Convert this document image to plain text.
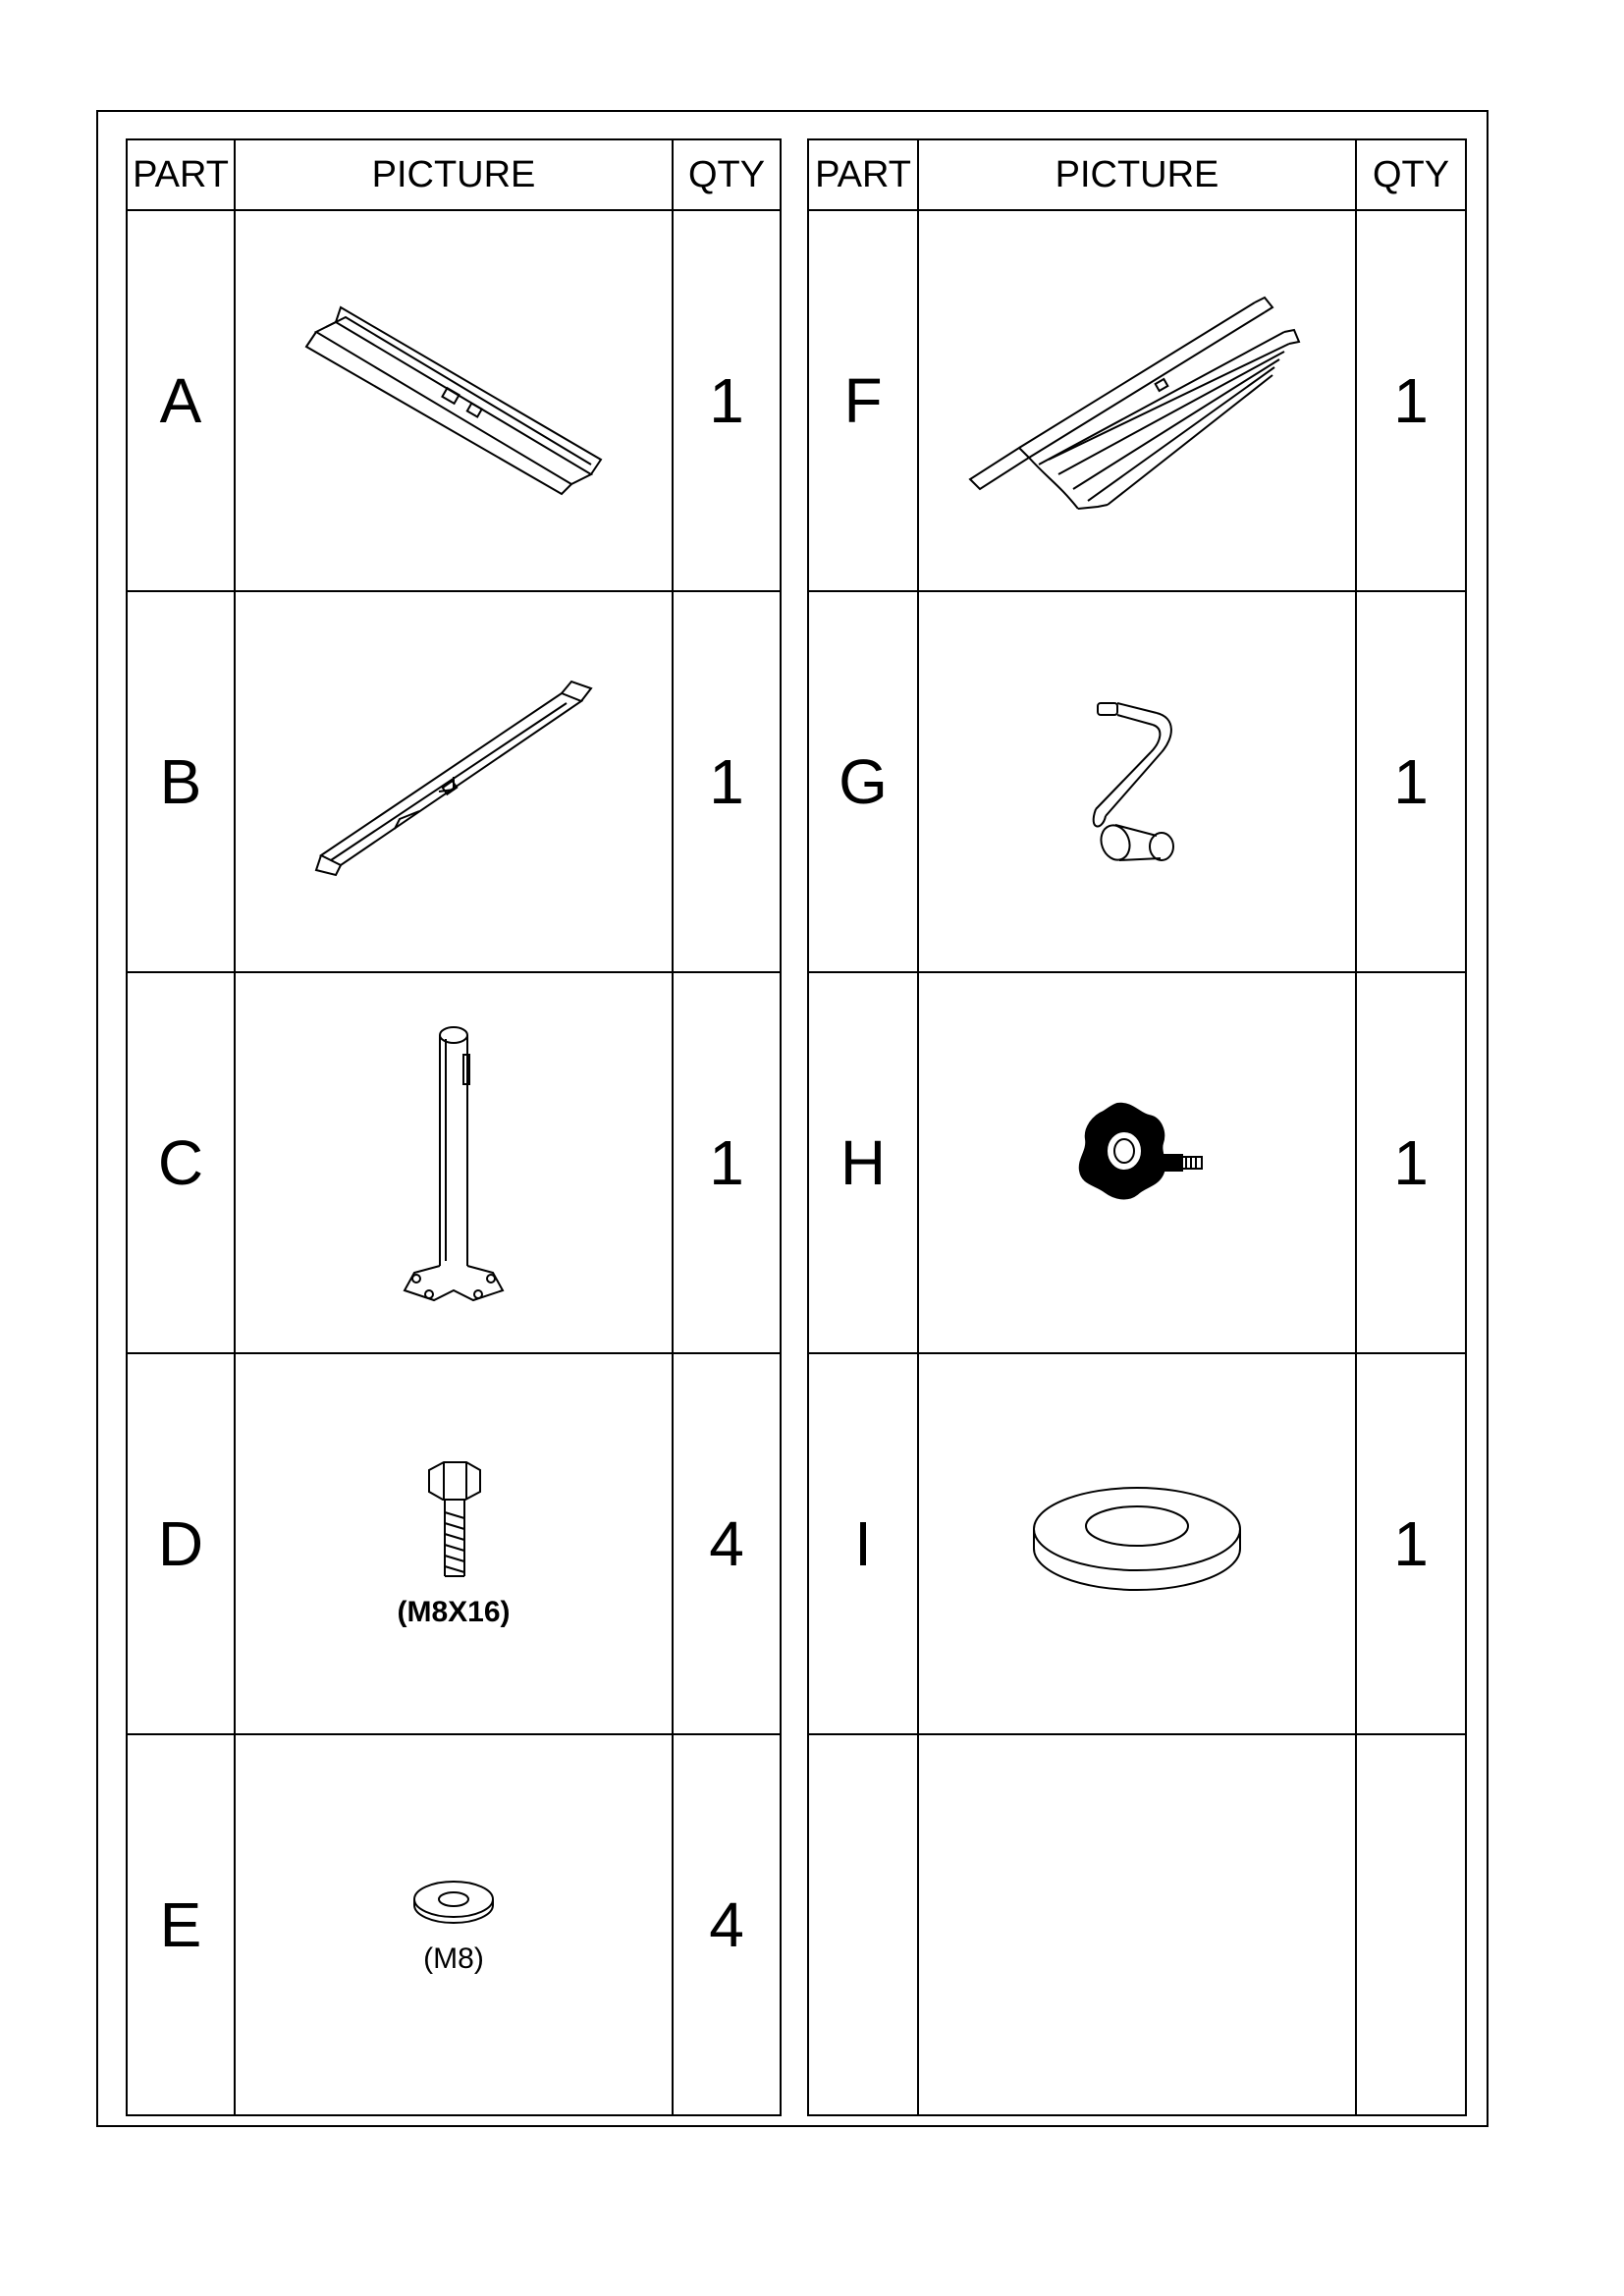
PART	PICTURE	QTY
A		1
B		1
C		1
D	(M8X16)	4
E	(M8)	4
PART	PICTURE	QTY
F		1
G		1
H		1
I		1
